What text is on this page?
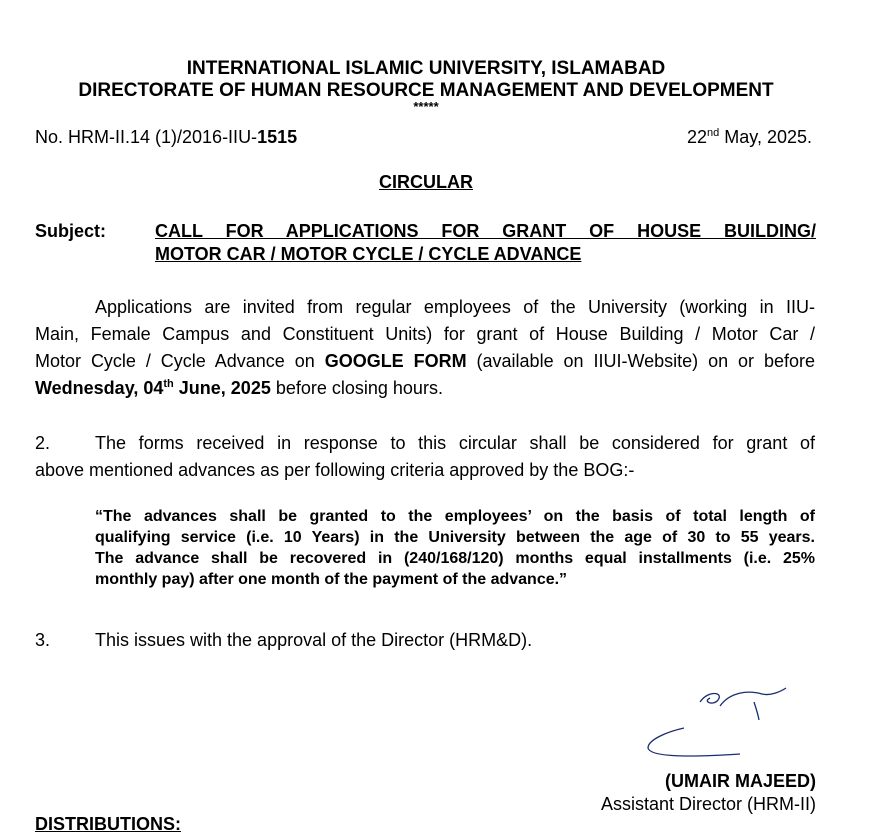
INTERNATIONAL ISLAMIC UNIVERSITY, ISLAMABAD
DIRECTORATE OF HUMAN RESOURCE MANAGEMENT AND DEVELOPMENT
*****
No. HRM-II.14 (1)/2016-IIU-1515	22nd May, 2025.
CIRCULAR
Subject:	CALL FOR APPLICATIONS FOR GRANT OF HOUSE BUILDING/
MOTOR CAR / MOTOR CYCLE / CYCLE ADVANCE
Applications are invited from regular employees of the University (working in IIU-
Main, Female Campus and Constituent Units) for grant of House Building / Motor Car /
Motor Cycle / Cycle Advance on GOOGLE FORM (available on IIUI-Website) on or before
Wednesday, 04th June, 2025 before closing hours.
2. The forms received in response to this circular shall be considered for grant of
above mentioned advances as per following criteria approved by the BOG:-
“The advances shall be granted to the employees’ on the basis of total length of
qualifying service (i.e. 10 Years) in the University between the age of 30 to 55 years.
The advance shall be recovered in (240/168/120) months equal installments (i.e. 25%
monthly pay) after one month of the payment of the advance.”
3. This issues with the approval of the Director (HRM&D).
(UMAIR MAJEED)
Assistant Director (HRM-II)
DISTRIBUTIONS:
